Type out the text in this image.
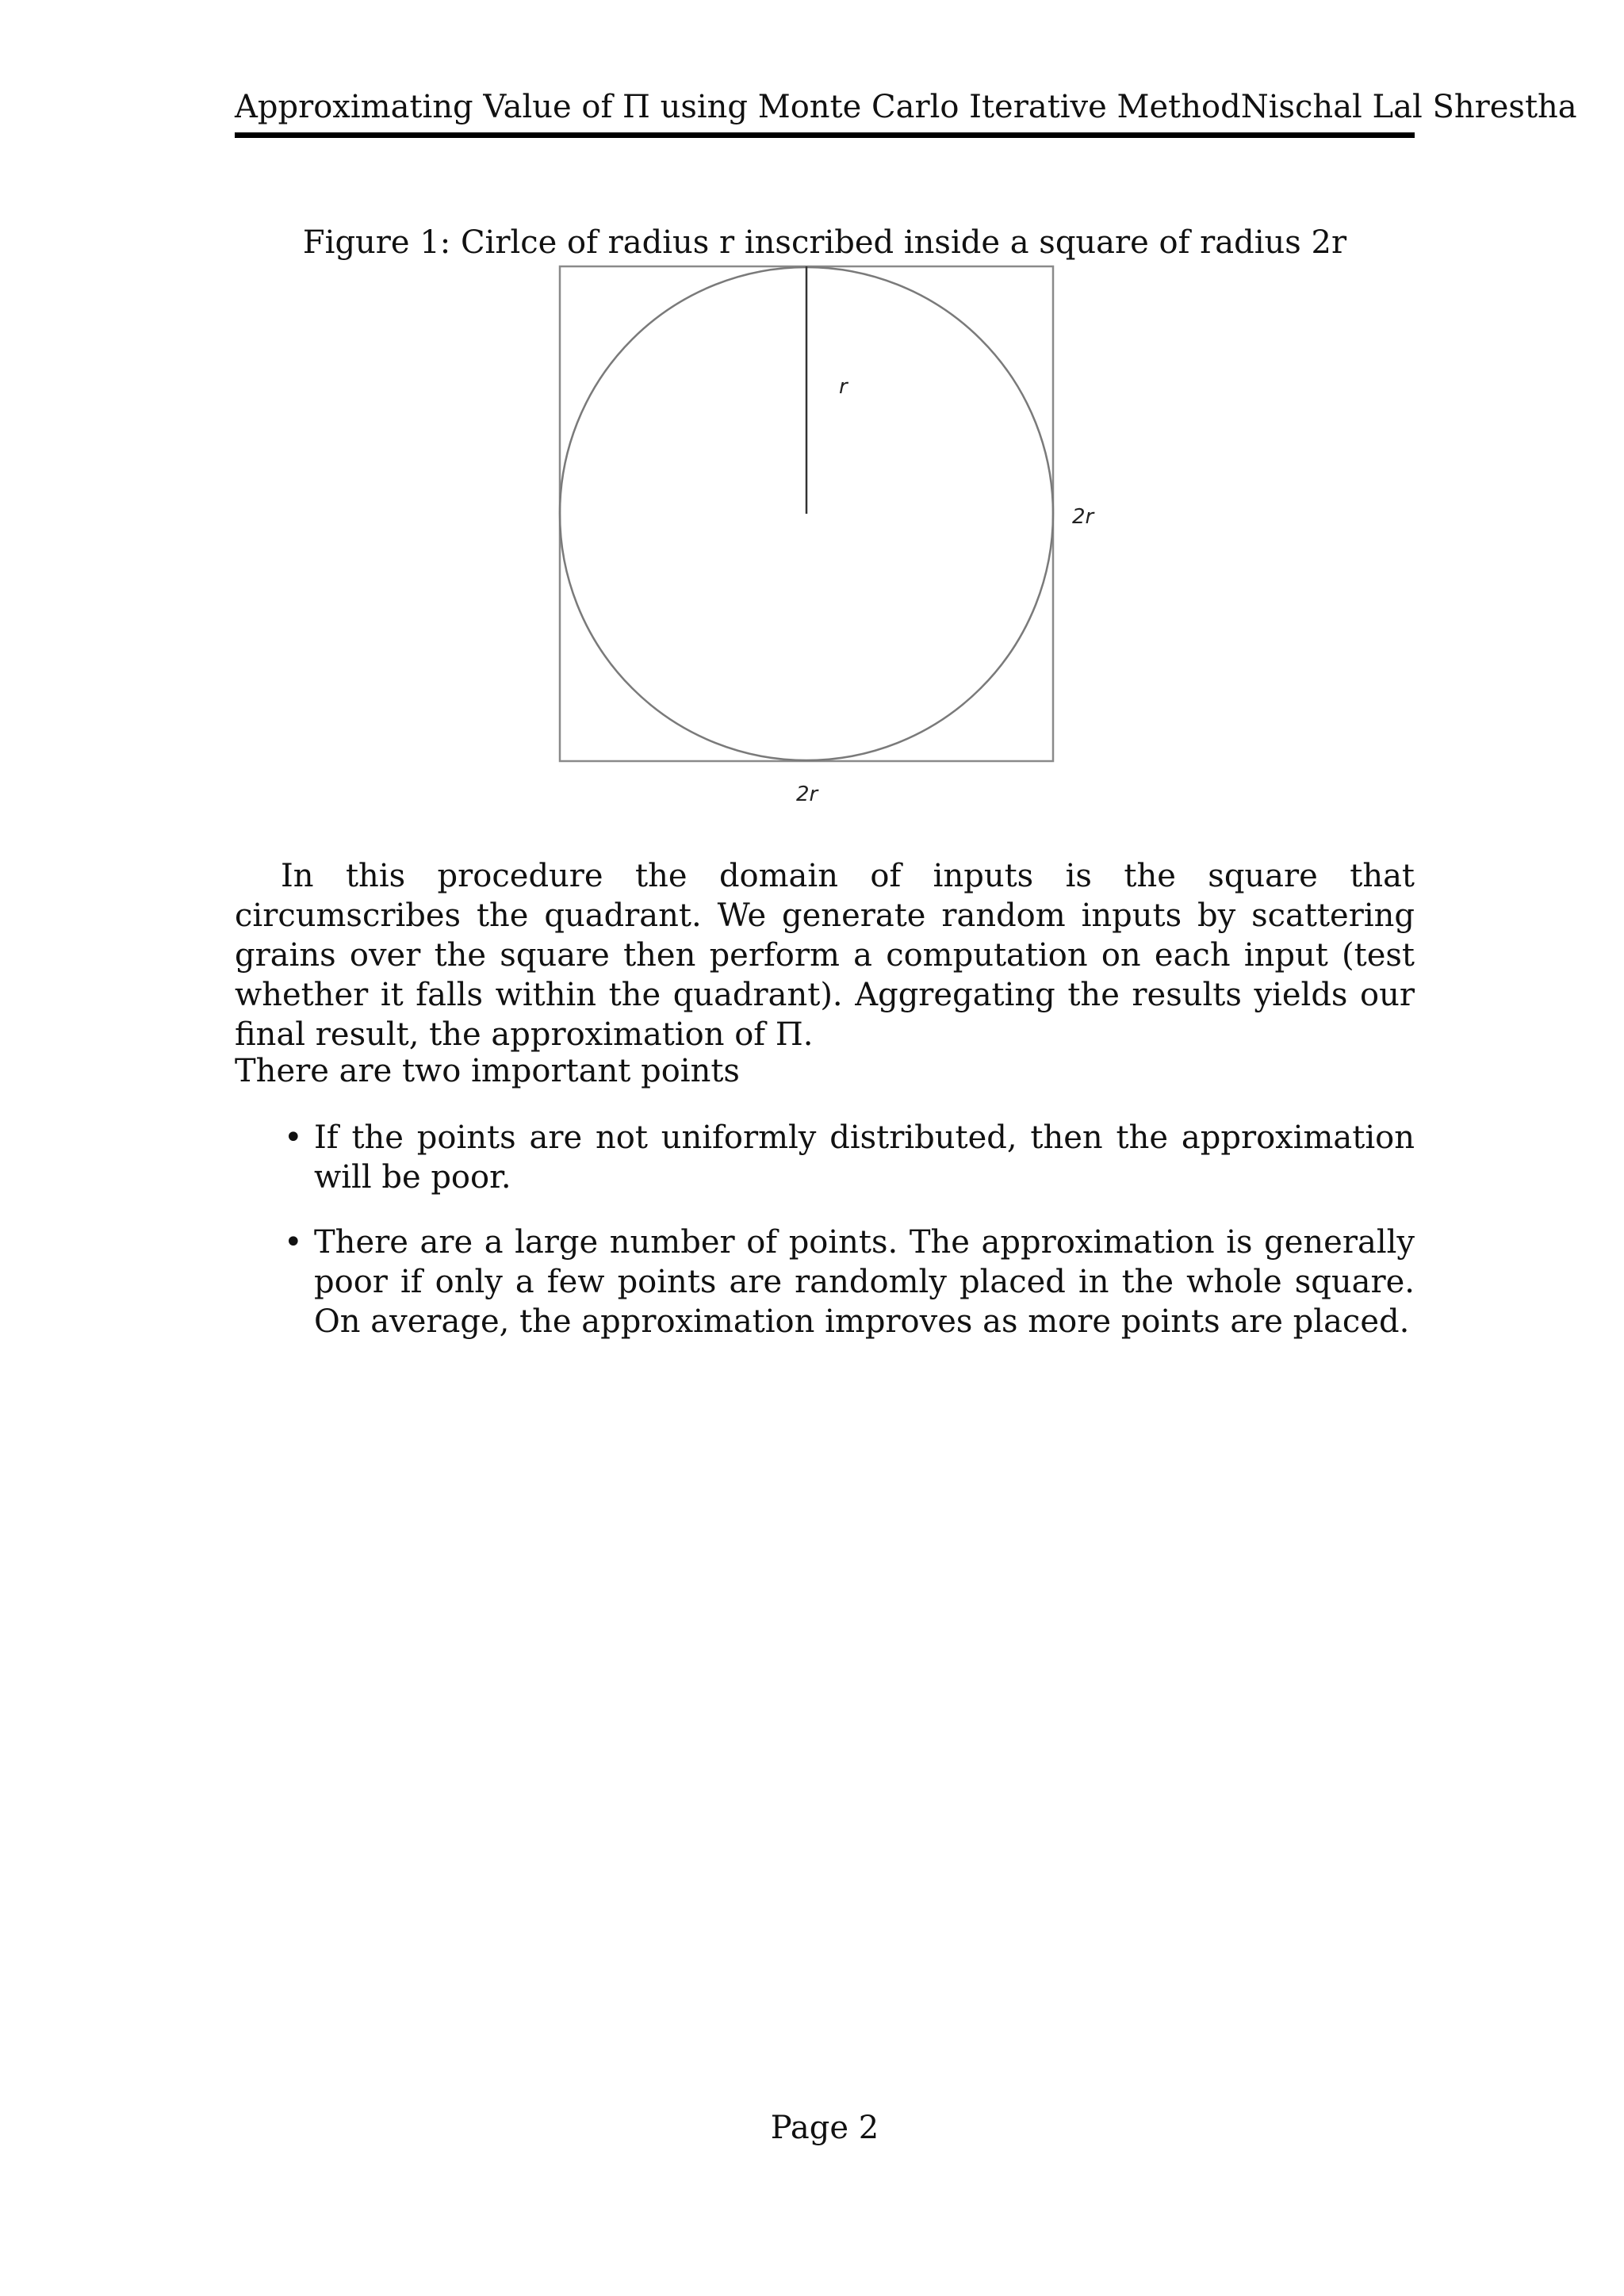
Approximating Value of Π using Monte Carlo Iterative Method Nischal Lal Shrestha
Figure 1: Cirlce of radius r inscribed inside a square of radius 2r
r
2r
2r

In this procedure the domain of inputs is the square that circumscribes the quadrant. We generate random inputs by scattering grains over the square then perform a computation on each input (test whether it falls within the quadrant). Aggregating the results yields our final result, the approximation of Π.

There are two important points

• If the points are not uniformly distributed, then the approximation will be poor.
• There are a large number of points. The approximation is generally poor if only a few points are randomly placed in the whole square. On average, the approximation improves as more points are placed.
Page 2
